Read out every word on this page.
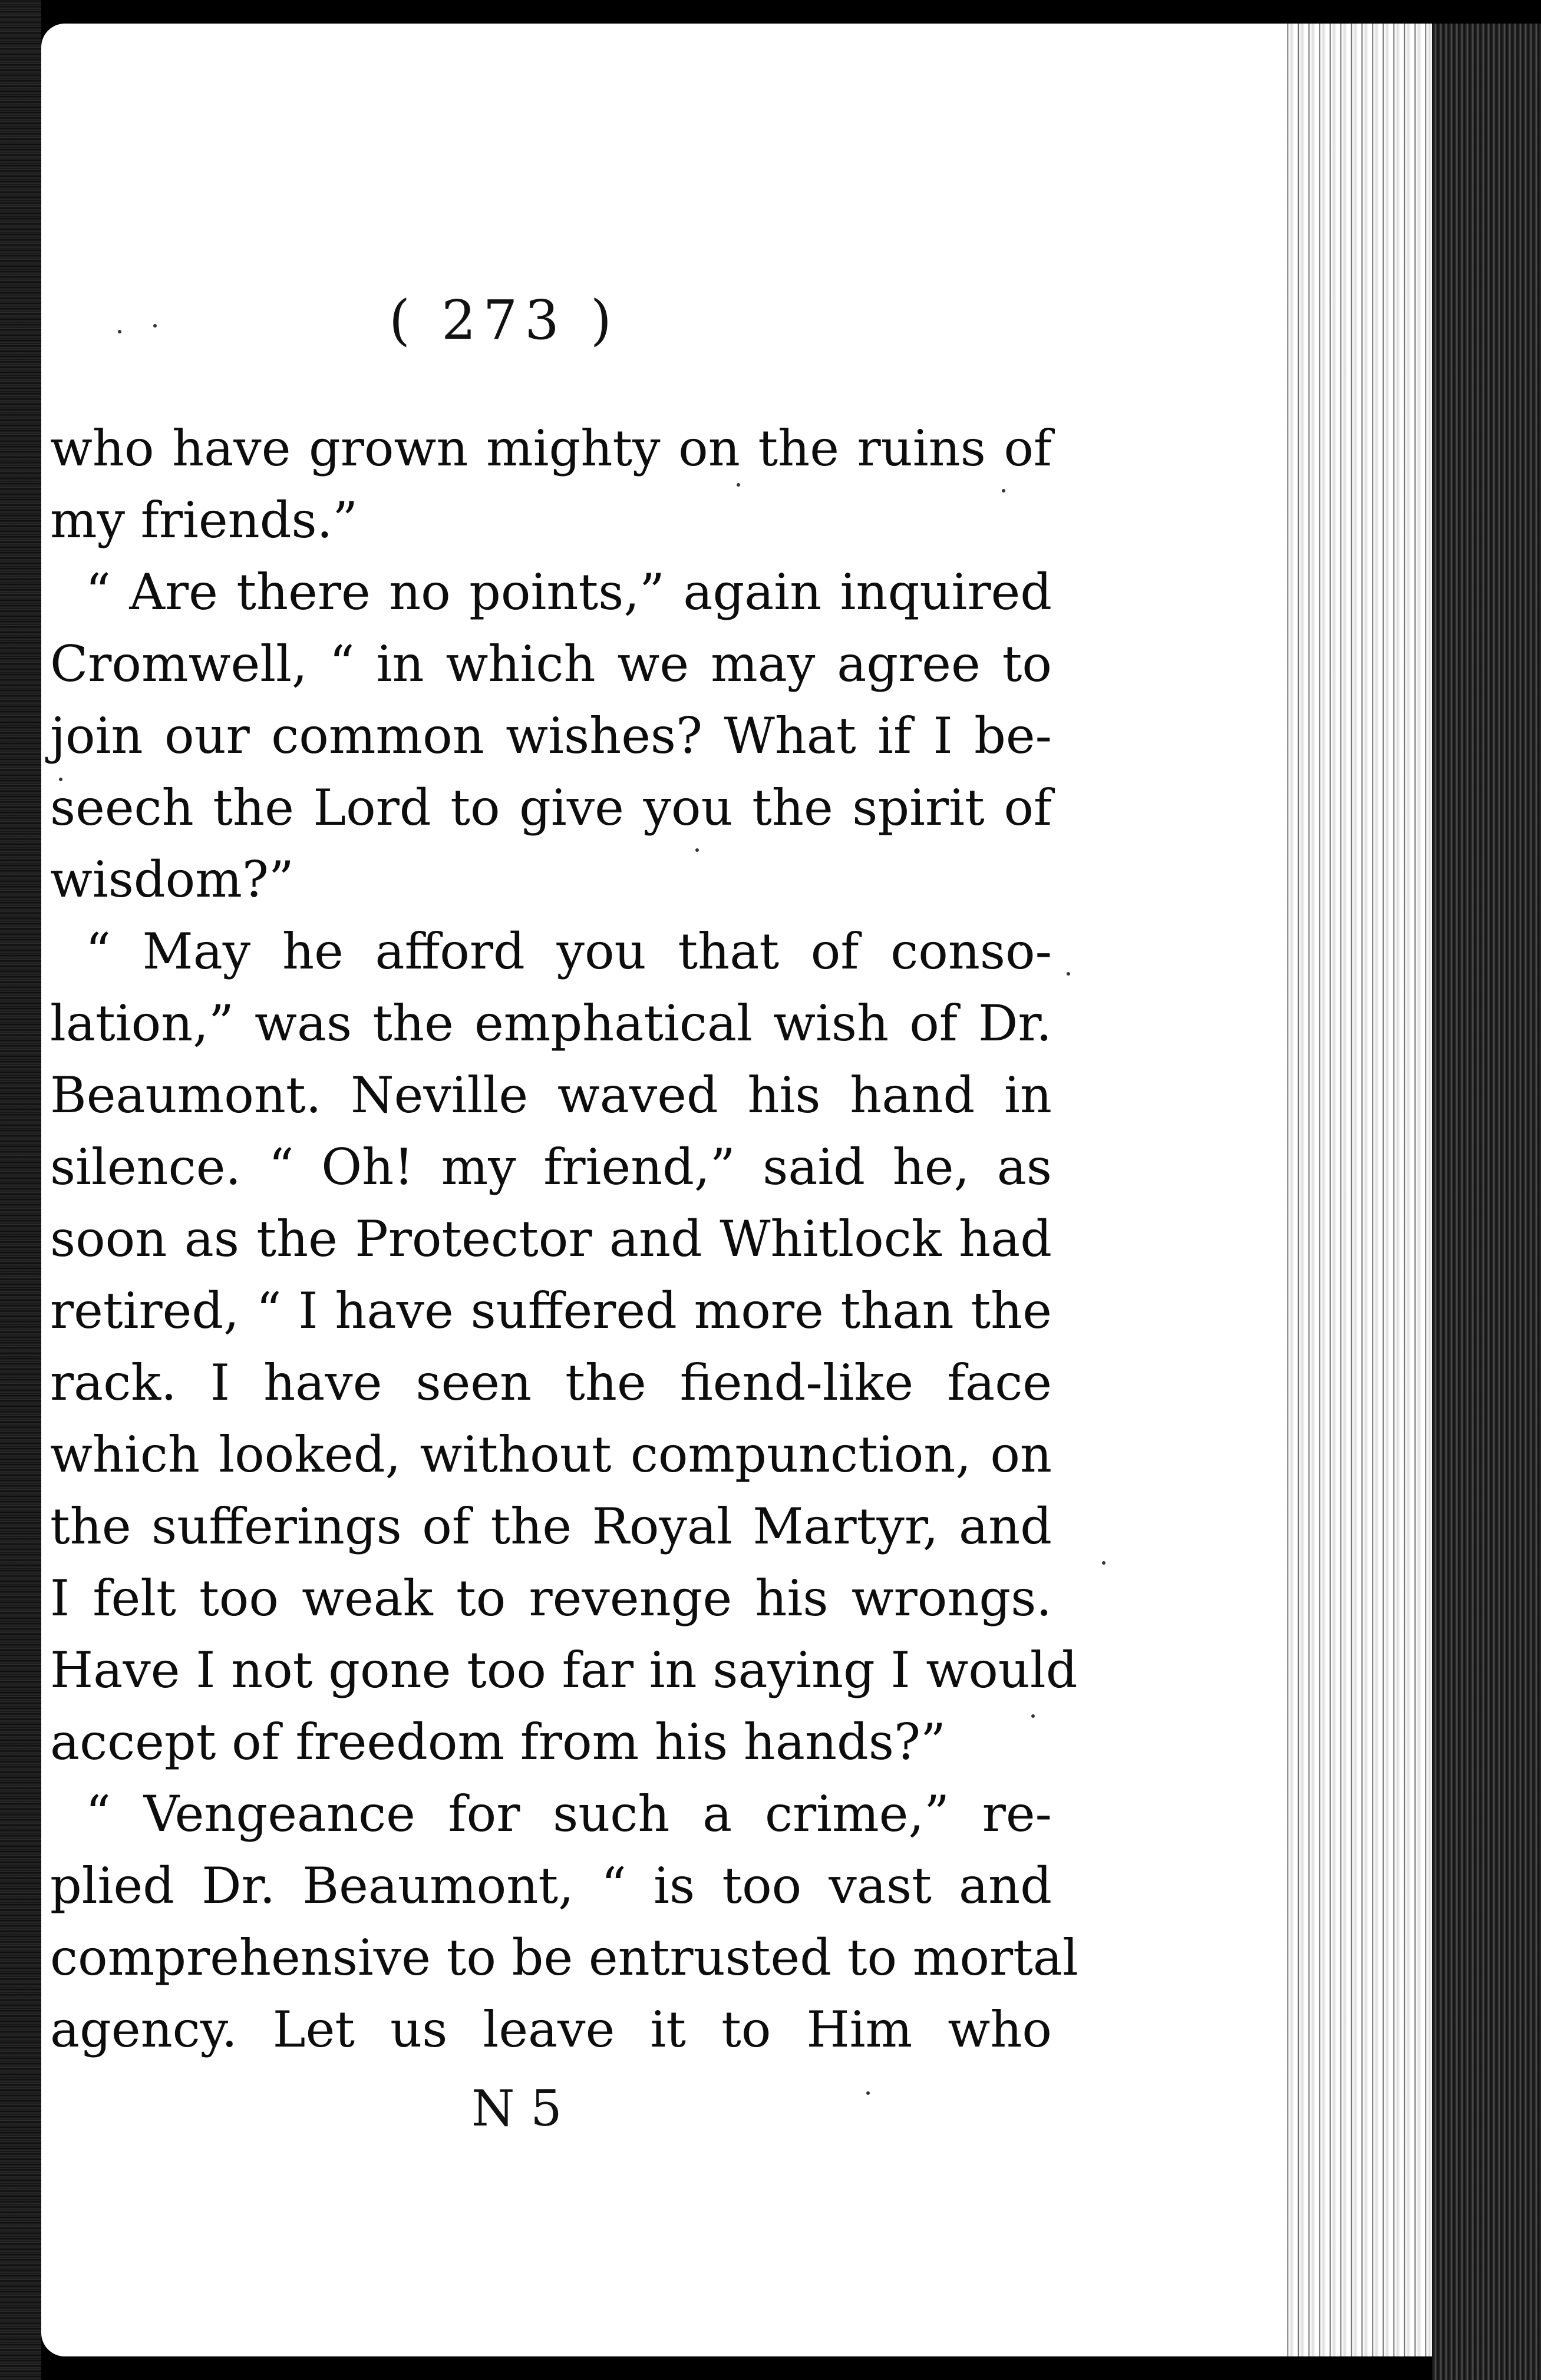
( 273 )
who have grown mighty on the ruins of
my friends.”
“ Are there no points,” again inquired
Cromwell, “ in which we may agree to
join our common wishes? What if I be-
seech the Lord to give you the spirit of
wisdom?”
“ May he afford you that of conso-
lation,” was the emphatical wish of Dr.
Beaumont. Neville waved his hand in
silence. “ Oh! my friend,” said he, as
soon as the Protector and Whitlock had
retired, “ I have suffered more than the
rack. I have seen the fiend-like face
which looked, without compunction, on
the sufferings of the Royal Martyr, and
I felt too weak to revenge his wrongs.
Have I not gone too far in saying I would
accept of freedom from his hands?”
“ Vengeance for such a crime,” re-
plied Dr. Beaumont, “ is too vast and
comprehensive to be entrusted to mortal
agency. Let us leave it to Him who
N 5
